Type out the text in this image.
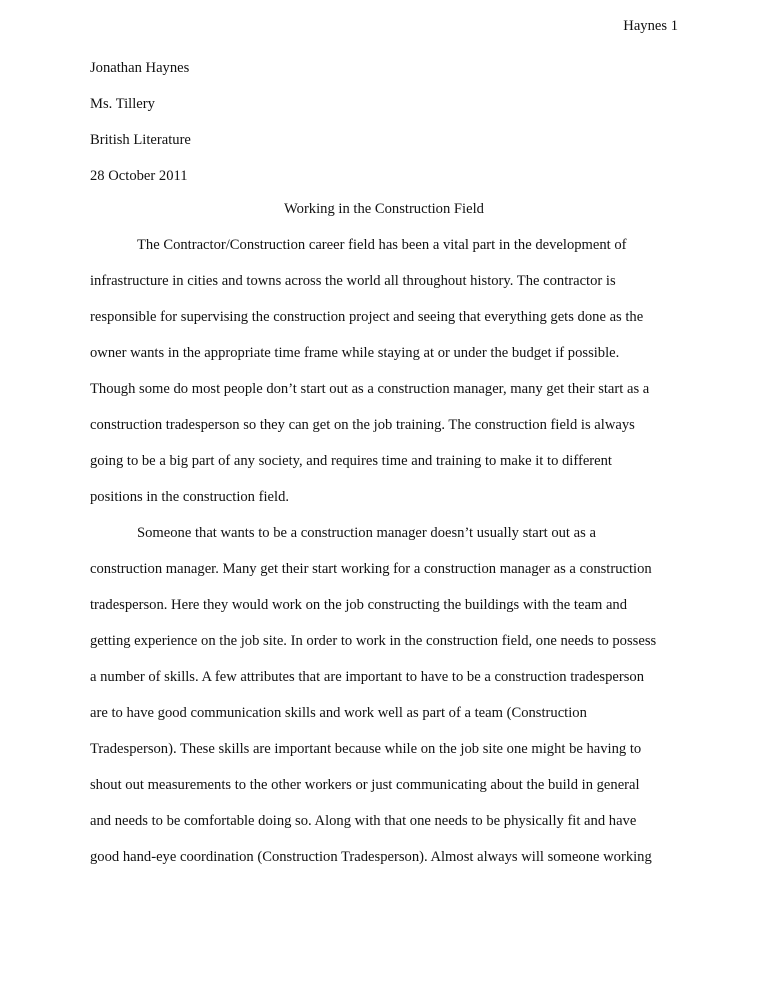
Haynes 1
Working in the Construction Field
Jonathan Haynes
Ms. Tillery
British Literature
28 October 2011
The Contractor/Construction career field has been a vital part in the development of
infrastructure in cities and towns across the world all throughout history. The contractor is
responsible for supervising the construction project and seeing that everything gets done as the
owner wants in the appropriate time frame while staying at or under the budget if possible.
Though some do most people don’t start out as a construction manager, many get their start as a
construction tradesperson so they can get on the job training. The construction field is always
going to be a big part of any society, and requires time and training to make it to different
positions in the construction field.
Someone that wants to be a construction manager doesn’t usually start out as a
construction manager. Many get their start working for a construction manager as a construction
tradesperson. Here they would work on the job constructing the buildings with the team and
getting experience on the job site. In order to work in the construction field, one needs to possess
a number of skills. A few attributes that are important to have to be a construction tradesperson
are to have good communication skills and work well as part of a team (Construction
Tradesperson). These skills are important because while on the job site one might be having to
shout out measurements to the other workers or just communicating about the build in general
and needs to be comfortable doing so. Along with that one needs to be physically fit and have
good hand-eye coordination (Construction Tradesperson). Almost always will someone working
